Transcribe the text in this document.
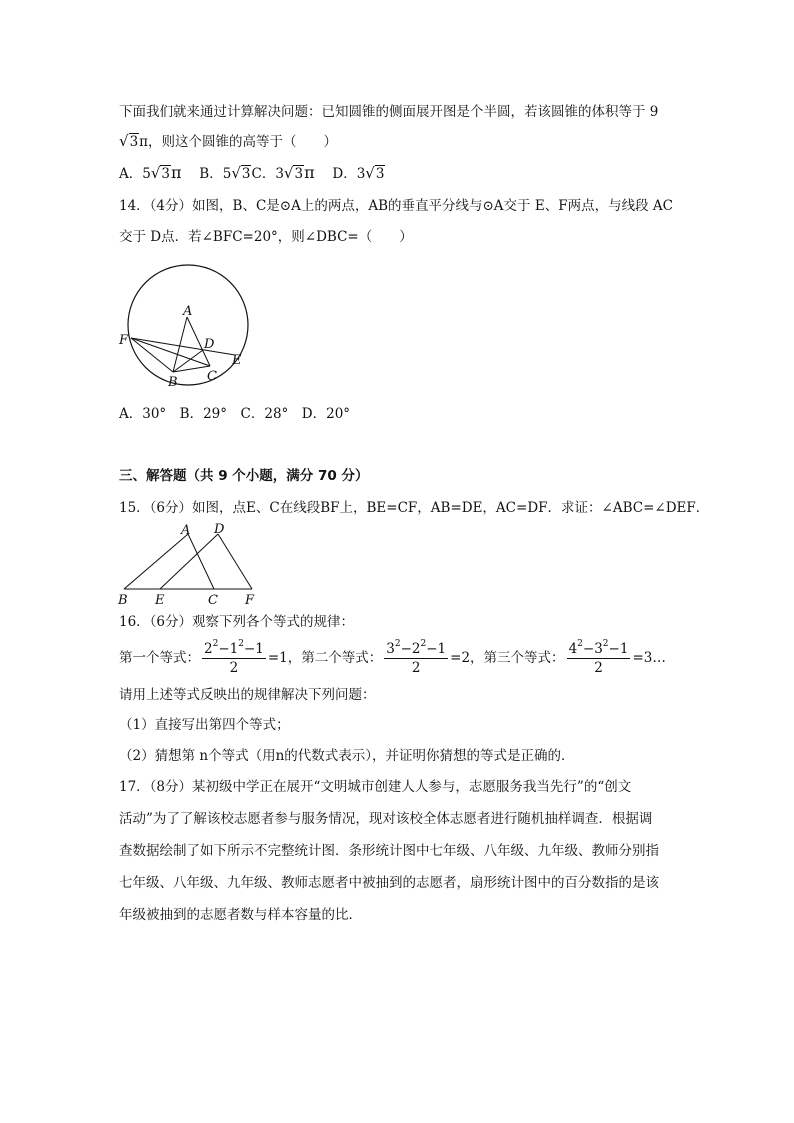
下面我们就来通过计算解决问题：已知圆锥的侧面展开图是个半圆，若该圆锥的体积等于 9
√3π，则这个圆锥的高等于（　　）
A．5√3π 　B．5√3C．3√3π 　D．3√3
14．（4分）如图，B、C是⊙A上的两点，AB的垂直平分线与⊙A交于 E、F两点，与线段 AC
交于 D点．若∠BFC=20°，则∠DBC=（　　）
A
D
F
E
B C
A．30°　B．29°　C．28°　D．20°
三、解答题（共 9 个小题，满分 70 分）
15．（6分）如图，点E、C在线段BF上，BE=CF，AB=DE，AC=DF．求证：∠ABC=∠DEF．
A D
B E	C F
16．（6分）观察下列各个等式的规律：
第一个等式： $\frac{2^2-1^2-1}{2} =1$，第二个等式： $\frac{3^2-2^2-1}{2} =2$，第三个等式： $\frac{4^2-3^2-1}{2}$ =3…
请用上述等式反映出的规律解决下列问题：
（1）直接写出第四个等式；
（2）猜想第 n个等式（用n的代数式表示），并证明你猜想的等式是正确的．
17．（8分）某初级中学正在展开“文明城市创建人人参与，志愿服务我当先行”的“创文
活动”为了了解该校志愿者参与服务情况，现对该校全体志愿者进行随机抽样调查．根据调
查数据绘制了如下所示不完整统计图．条形统计图中七年级、八年级、九年级、教师分别指
七年级、八年级、九年级、教师志愿者中被抽到的志愿者，扇形统计图中的百分数指的是该
年级被抽到的志愿者数与样本容量的比．
